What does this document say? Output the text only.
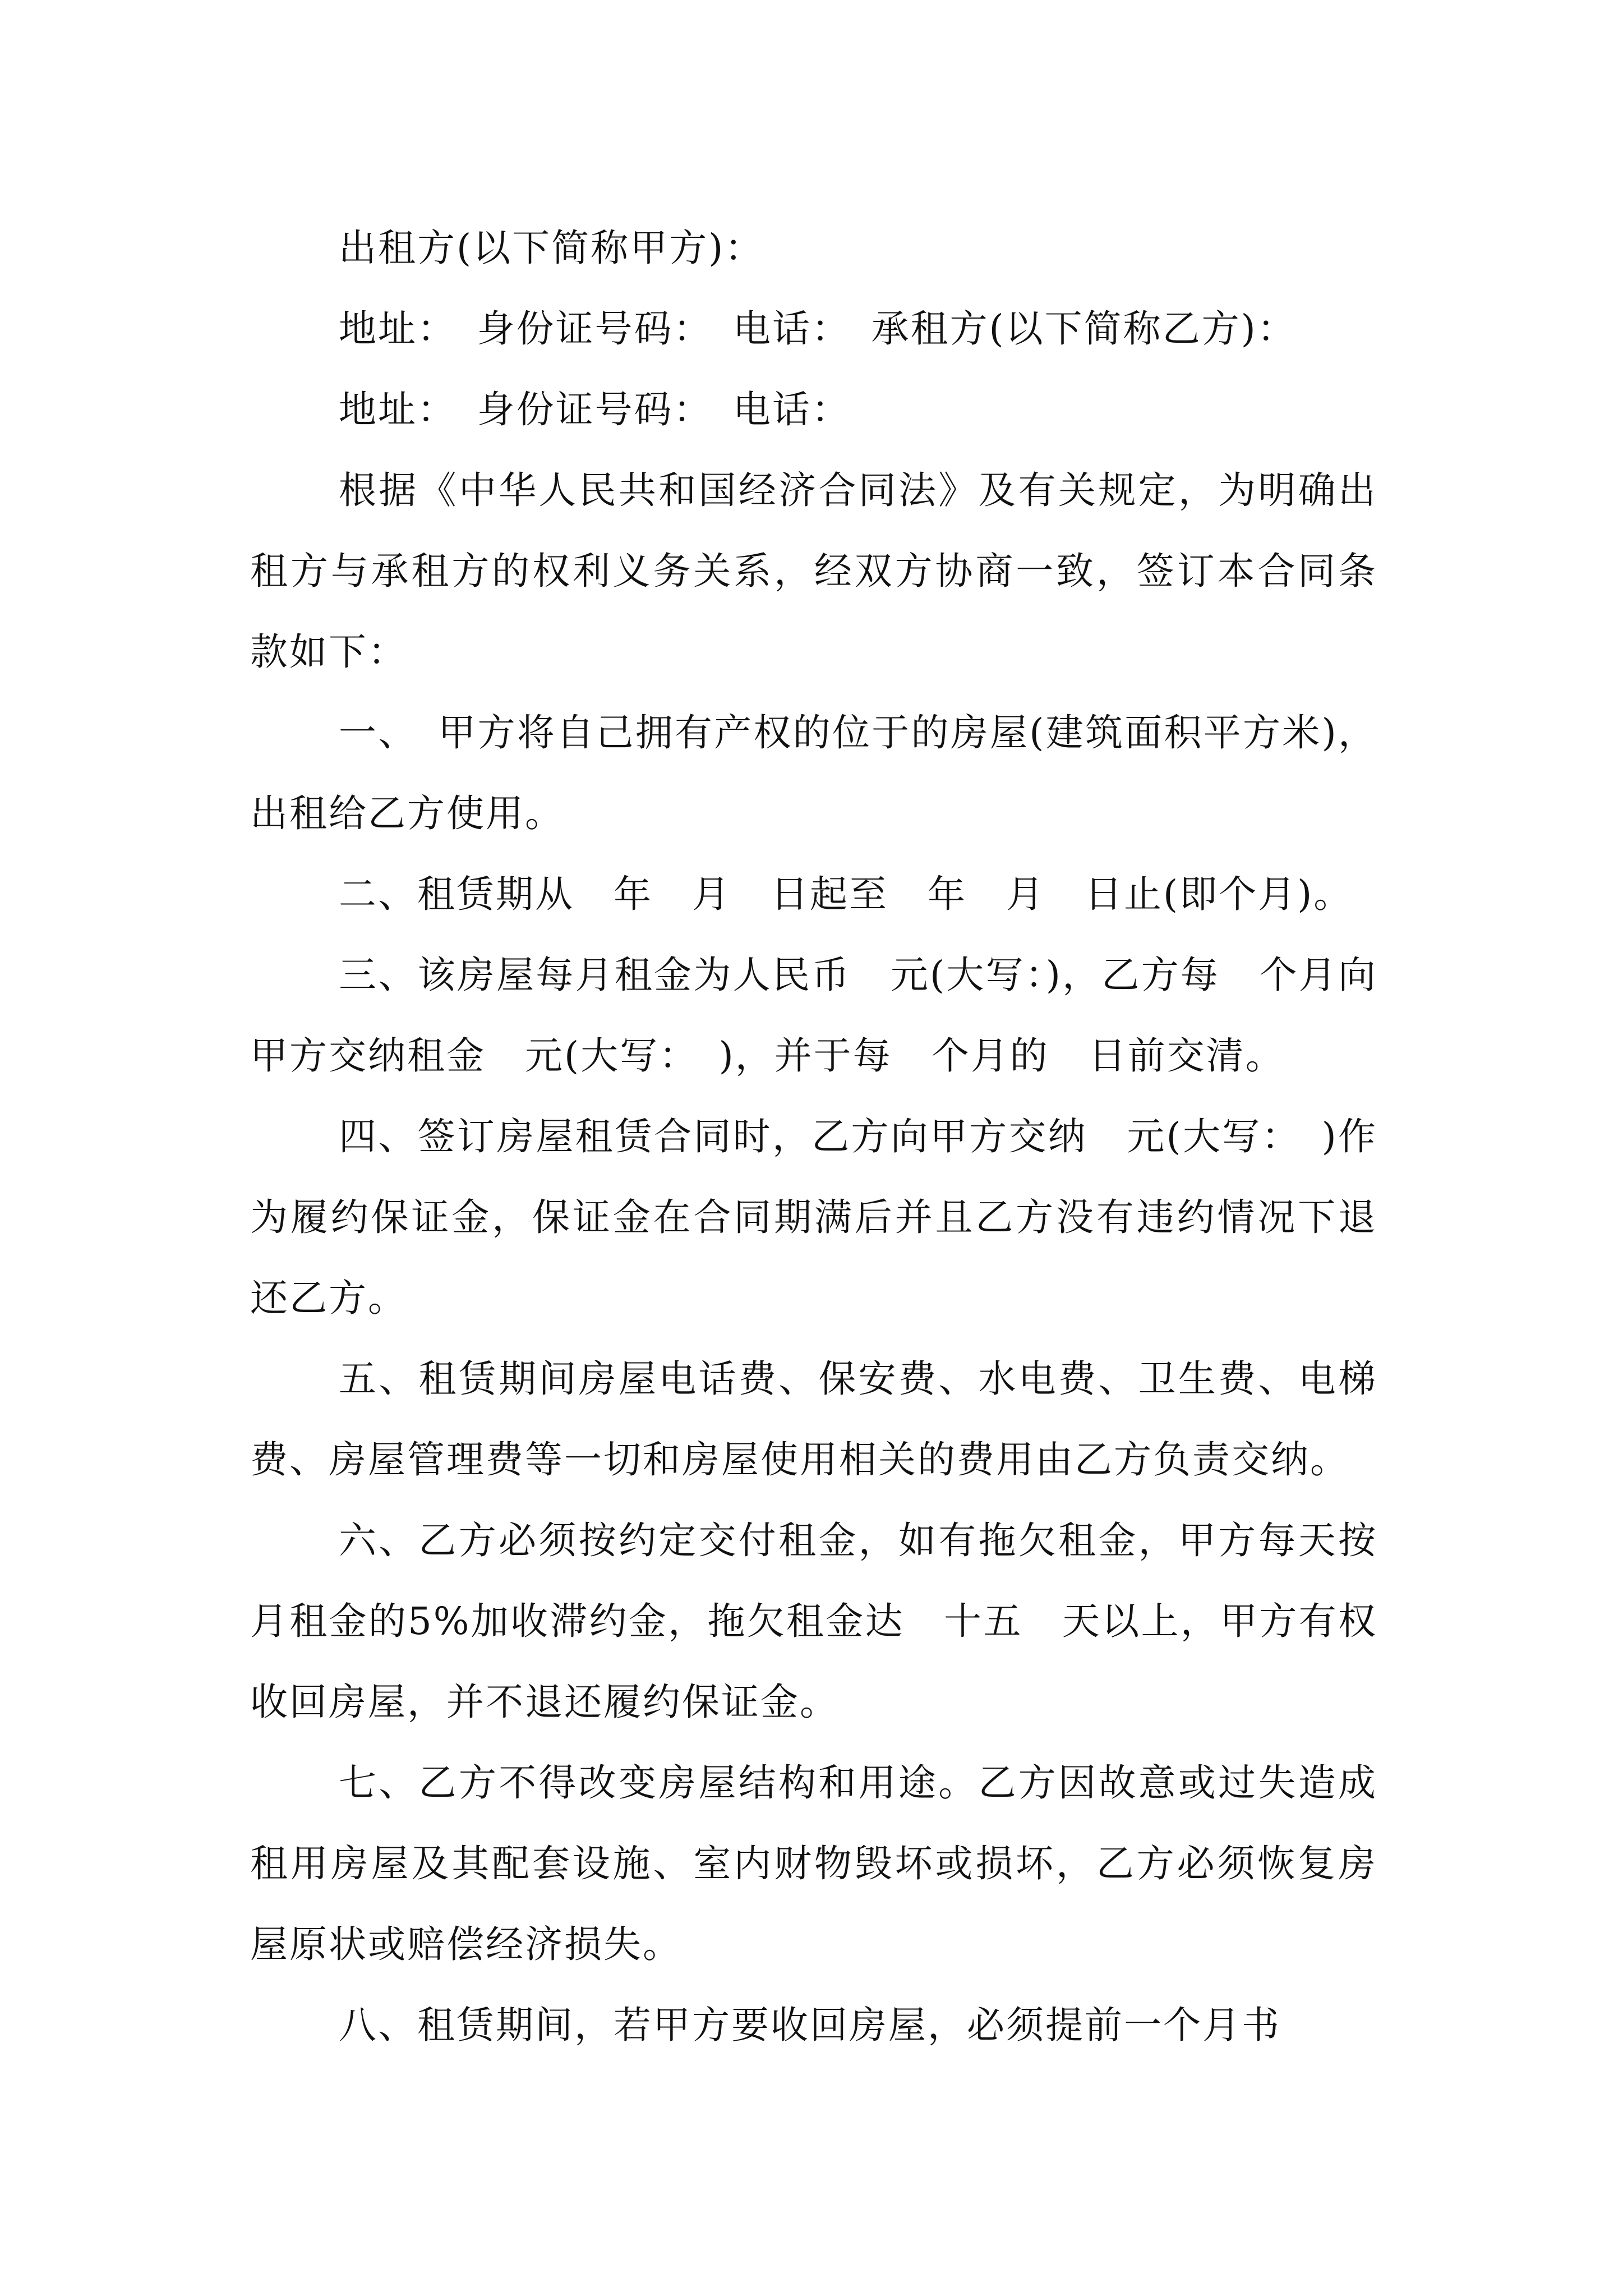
出租方(以下简称甲方)：

地址：　身份证号码：　电话：　承租方(以下简称乙方)：

地址：　身份证号码：　电话：

根据《中华人民共和国经济合同法》及有关规定，为明确出租方与承租方的权利义务关系，经双方协商一致，签订本合同条款如下：

一、　甲方将自己拥有产权的位于的房屋(建筑面积平方米)，出租给乙方使用。

二、租赁期从　年　月　日起至　年　月　日止(即个月)。

三、该房屋每月租金为人民币　元(大写：)，乙方每　个月向甲方交纳租金　元(大写：　)，并于每　个月的　日前交清。

四、签订房屋租赁合同时，乙方向甲方交纳　元(大写：　)作为履约保证金，保证金在合同期满后并且乙方没有违约情况下退还乙方。

五、租赁期间房屋电话费、保安费、水电费、卫生费、电梯费、房屋管理费等一切和房屋使用相关的费用由乙方负责交纳。

六、乙方必须按约定交付租金，如有拖欠租金，甲方每天按月租金的5%加收滞约金，拖欠租金达　十五　天以上，甲方有权收回房屋，并不退还履约保证金。

七、乙方不得改变房屋结构和用途。乙方因故意或过失造成租用房屋及其配套设施、室内财物毁坏或损坏，乙方必须恢复房屋原状或赔偿经济损失。

八、租赁期间，若甲方要收回房屋，必须提前一个月书
